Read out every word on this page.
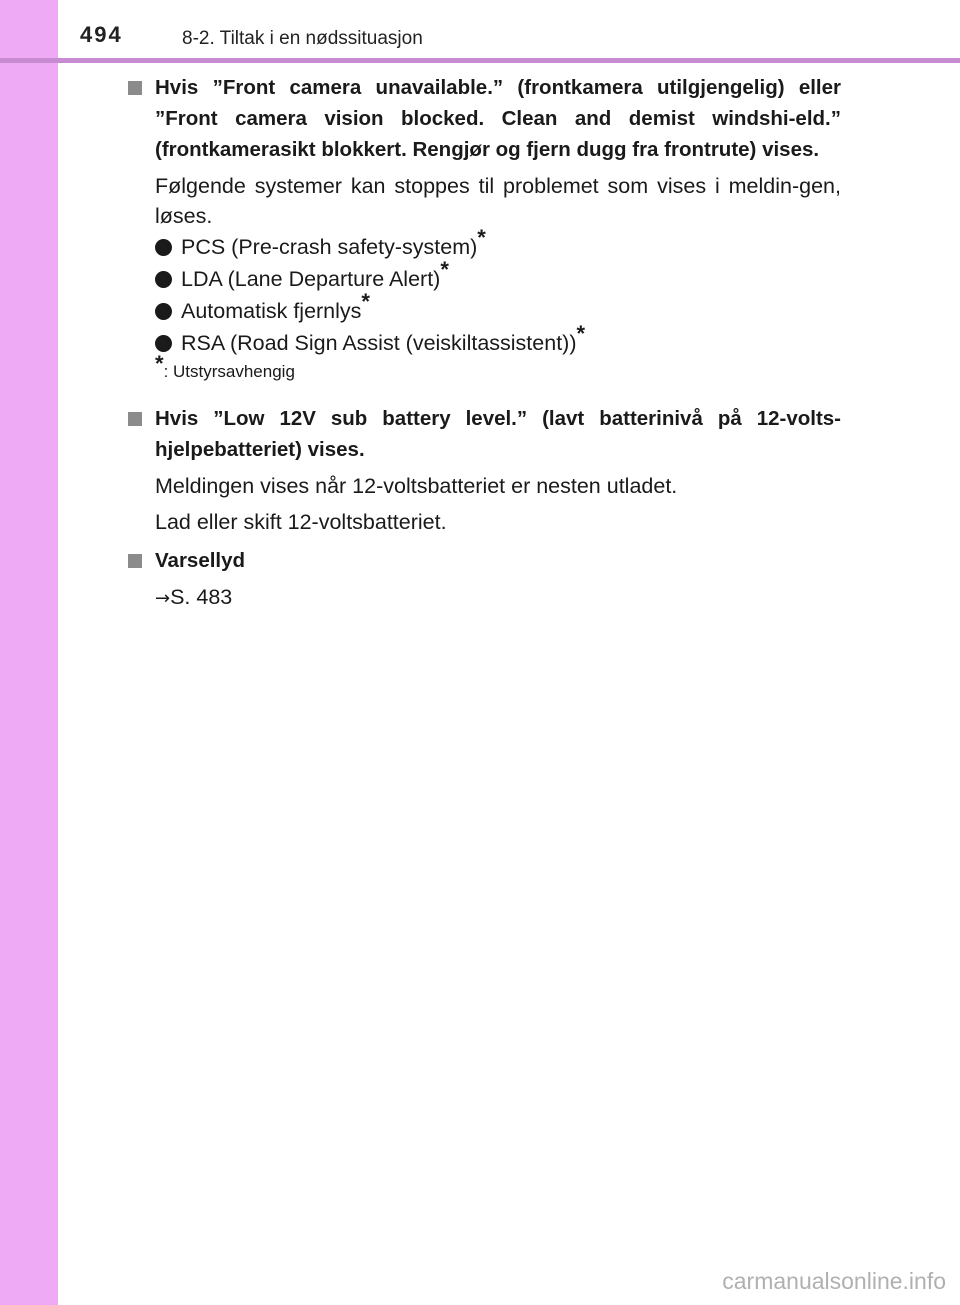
494	8-2. Tiltak i en nødssituasjon
Hvis ”Front camera unavailable.” (frontkamera utilgjengelig) eller ”Front camera vision blocked. Clean and demist windshi-eld.” (frontkamerasikt blokkert. Rengjør og fjern dugg fra frontrute) vises.
Følgende systemer kan stoppes til problemet som vises i meldin-gen, løses.
PCS (Pre-crash safety-system)*
LDA (Lane Departure Alert)*
Automatisk fjernlys*
RSA (Road Sign Assist (veiskiltassistent))*
*: Utstyrsavhengig
Hvis ”Low 12V sub battery level.” (lavt batterinivå på 12-volts-hjelpebatteriet) vises.
Meldingen vises når 12-voltsbatteriet er nesten utladet.
Lad eller skift 12-voltsbatteriet.
Varsellyd
→S. 483
carmanualsonline.info
